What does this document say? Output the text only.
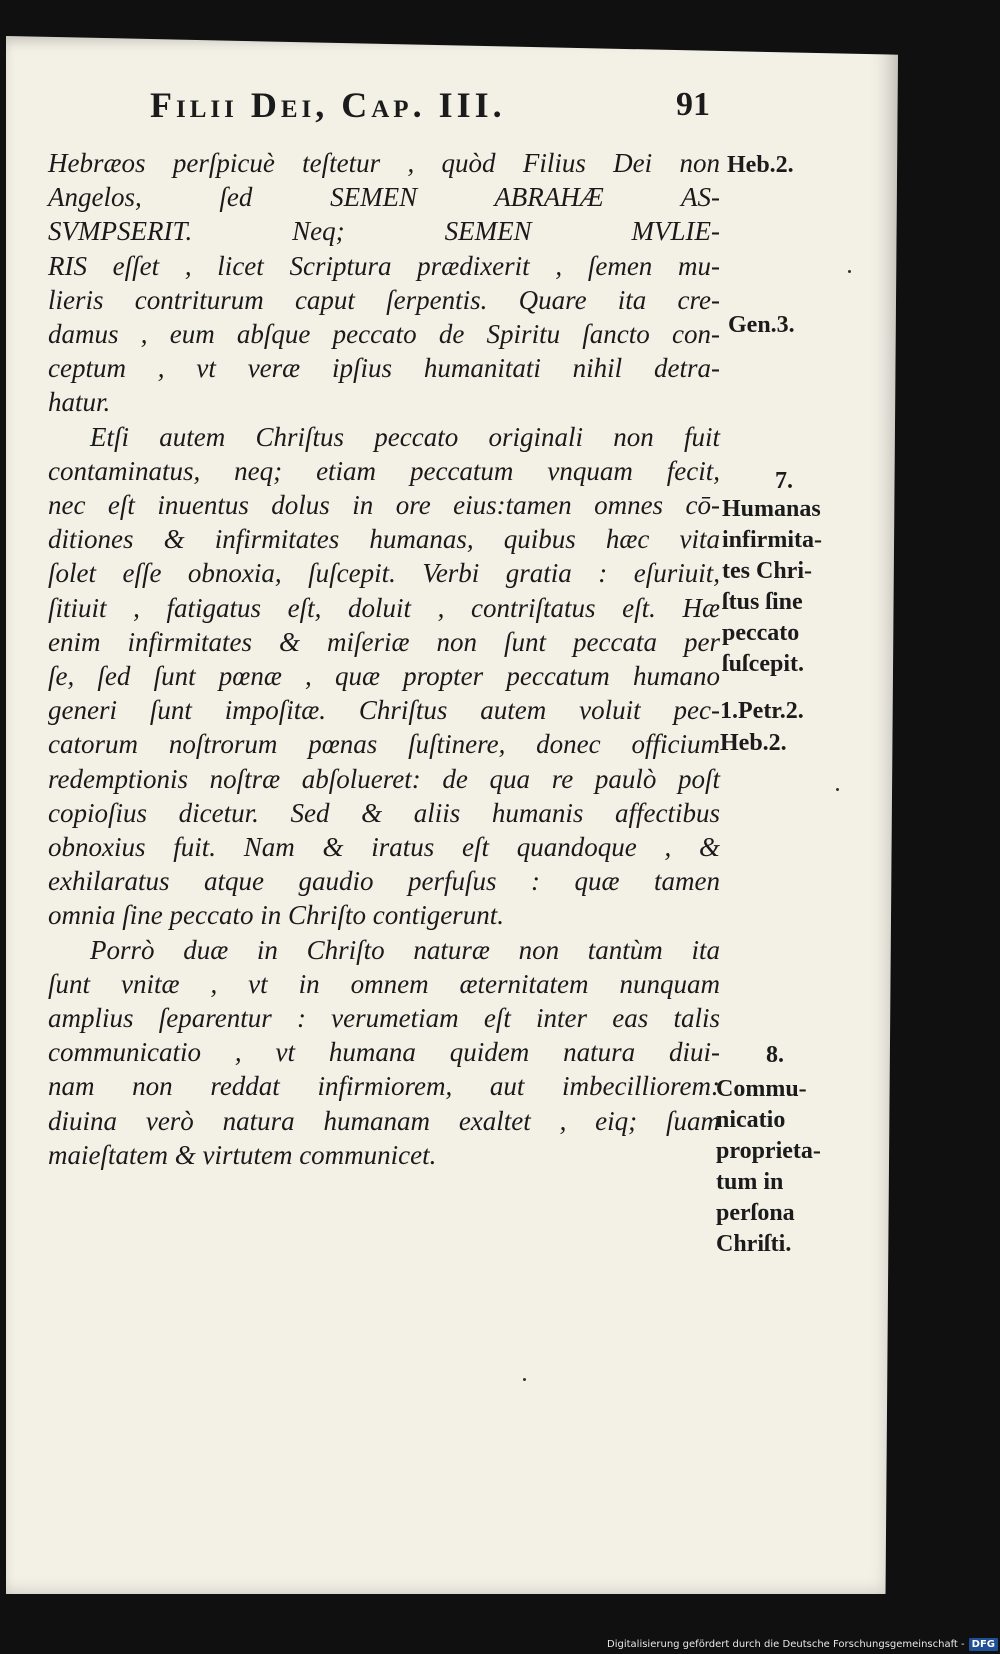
Filii Dei, Cap. III.	91

Hebræos perſpicuè teſtetur , quòd Filius Dei non
Angelos, ſed SEMEN ABRAHÆ AS-
SVMPSERIT. Neq; SEMEN MVLIE-
RIS eſſet , licet Scriptura prædixerit , ſemen mu-
lieris contriturum caput ſerpentis. Quare ita cre-
damus , eum abſque peccato de Spiritu ſancto con-
ceptum , vt veræ ipſius humanitati nihil detra-
hatur.

Etſi autem Chriſtus peccato originali non fuit
contaminatus, neq; etiam peccatum vnquam fecit,
nec eſt inuentus dolus in ore eius:tamen omnes cō-
ditiones & infirmitates humanas, quibus hæc vita
ſolet eſſe obnoxia, ſuſcepit. Verbi gratia : eſuriuit,
ſitiuit , fatigatus eſt, doluit , contriſtatus eſt. Hæ
enim infirmitates & miſeriæ non ſunt peccata per
ſe, ſed ſunt pœnæ , quæ propter peccatum humano
generi ſunt impoſitæ. Chriſtus autem voluit pec-
catorum noſtrorum pœnas ſuſtinere, donec officium
redemptionis noſtræ abſolueret: de qua re paulò poſt
copioſius dicetur. Sed & aliis humanis affectibus
obnoxius fuit. Nam & iratus eſt quandoque , &
exhilaratus atque gaudio perfuſus : quæ tamen
omnia ſine peccato in Chriſto contigerunt.

Porrò duæ in Chriſto naturæ non tantùm ita
ſunt vnitæ , vt in omnem æternitatem nunquam
amplius ſeparentur : verumetiam eſt inter eas talis
communicatio , vt humana quidem natura diui-
nam non reddat infirmiorem, aut imbecilliorem:
diuina verò natura humanam exaltet , eiq; ſuam
maieſtatem & virtutem communicet.

Heb.2.
Gen.3.
7.
Humanas
infirmita-
tes Chri-
ſtus ſine
peccato
ſuſcepit.
1.Petr.2.
Heb.2.
8.
Commu-
nicatio
proprieta-
tum in
perſona
Chriſti.
Digitalisierung gefördert durch die Deutsche Forschungsgemeinschaft - DFG
